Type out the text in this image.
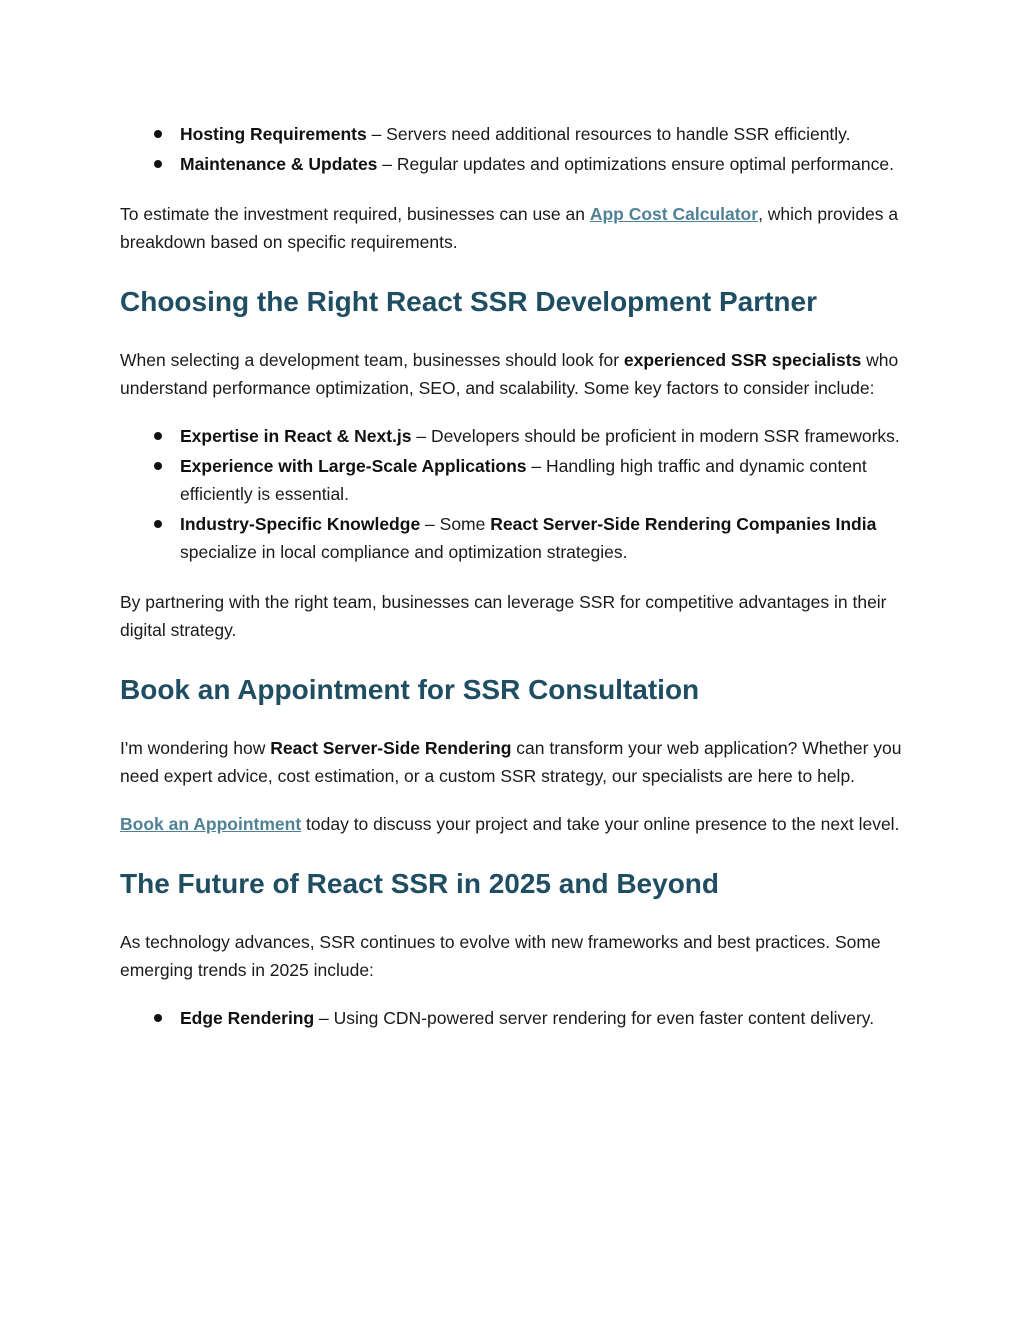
Hosting Requirements – Servers need additional resources to handle SSR efficiently.
Maintenance & Updates – Regular updates and optimizations ensure optimal performance.

To estimate the investment required, businesses can use an App Cost Calculator, which provides a breakdown based on specific requirements.

Choosing the Right React SSR Development Partner

When selecting a development team, businesses should look for experienced SSR specialists who understand performance optimization, SEO, and scalability. Some key factors to consider include:

Expertise in React & Next.js – Developers should be proficient in modern SSR frameworks.
Experience with Large-Scale Applications – Handling high traffic and dynamic content efficiently is essential.
Industry-Specific Knowledge – Some React Server-Side Rendering Companies India specialize in local compliance and optimization strategies.

By partnering with the right team, businesses can leverage SSR for competitive advantages in their digital strategy.

Book an Appointment for SSR Consultation

I'm wondering how React Server-Side Rendering can transform your web application? Whether you need expert advice, cost estimation, or a custom SSR strategy, our specialists are here to help.

Book an Appointment today to discuss your project and take your online presence to the next level.

The Future of React SSR in 2025 and Beyond

As technology advances, SSR continues to evolve with new frameworks and best practices. Some emerging trends in 2025 include:

Edge Rendering – Using CDN-powered server rendering for even faster content delivery.
